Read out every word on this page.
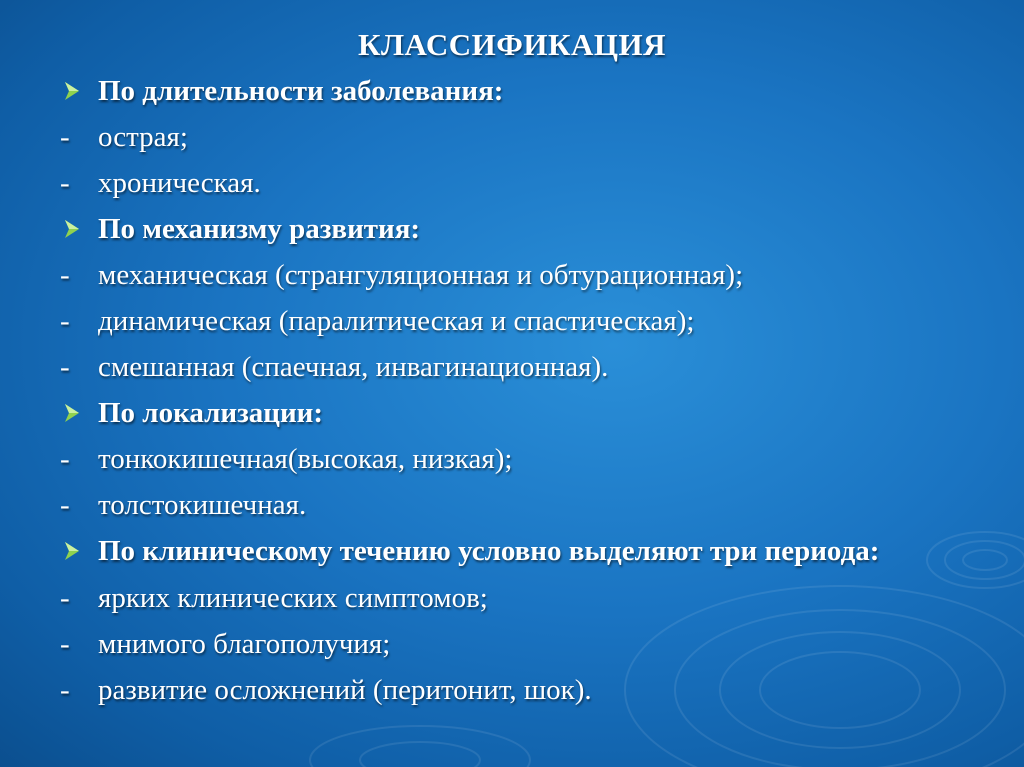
КЛАССИФИКАЦИЯ
По длительности заболевания:
- острая;
- хроническая.
По механизму развития:
- механическая (странгуляционная и обтурационная);
- динамическая (паралитическая и спастическая);
- смешанная (спаечная, инвагинационная).
По локализации:
- тонкокишечная(высокая, низкая);
- толстокишечная.
По клиническому течению условно выделяют три периода:
- ярких клинических симптомов;
- мнимого благополучия;
- развитие осложнений (перитонит, шок).
